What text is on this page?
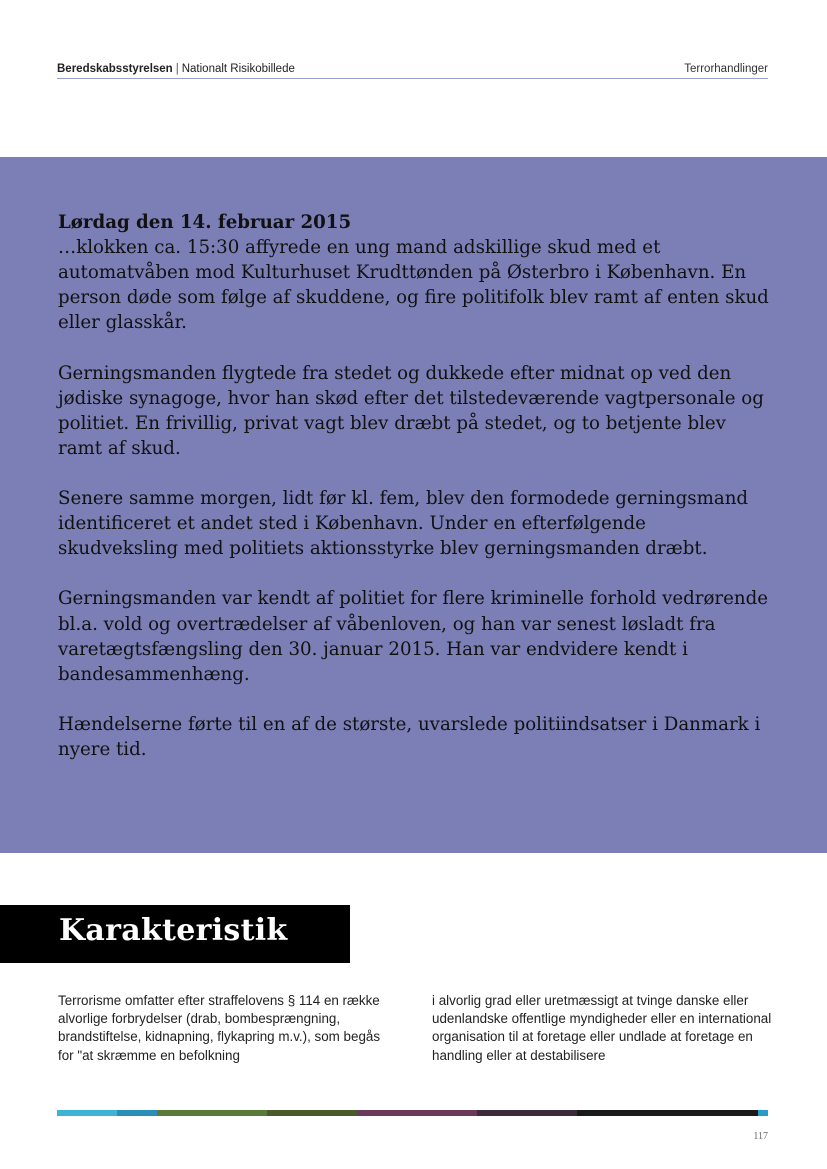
Beredskabsstyrelsen | Nationalt Risikobillede	Terrorhandlinger

Lørdag den 14. februar 2015
…klokken ca. 15:30 affyrede en ung mand adskillige skud med et automatvåben mod Kulturhuset Krudttønden på Østerbro i København. En person døde som følge af skuddene, og fire politifolk blev ramt af enten skud eller glasskår.

Gerningsmanden flygtede fra stedet og dukkede efter midnat op ved den jødiske synagoge, hvor han skød efter det tilstedeværende vagtpersonale og politiet. En frivillig, privat vagt blev dræbt på stedet, og to betjente blev ramt af skud.

Senere samme morgen, lidt før kl. fem, blev den formodede gerningsmand identificeret et andet sted i København. Under en efterfølgende skudveksling med politiets aktionsstyrke blev gerningsmanden dræbt.

Gerningsmanden var kendt af politiet for flere kriminelle forhold vedrørende bl.a. vold og overtrædelser af våbenloven, og han var senest løsladt fra varetægtsfængsling den 30. januar 2015. Han var endvidere kendt i bandesammenhæng.

Hændelserne førte til en af de største, uvarslede politiindsatser i Danmark i nyere tid.

Karakteristik
Terrorisme omfatter efter straffelovens § 114 en række alvorlige forbrydelser (drab, bombesprængning, brandstiftelse, kidnapning, flykapring m.v.), som begås for "at skræmme en befolkning
i alvorlig grad eller uretmæssigt at tvinge danske eller udenlandske offentlige myndigheder eller en international organisation til at foretage eller undlade at foretage en handling eller at destabilisere
117
